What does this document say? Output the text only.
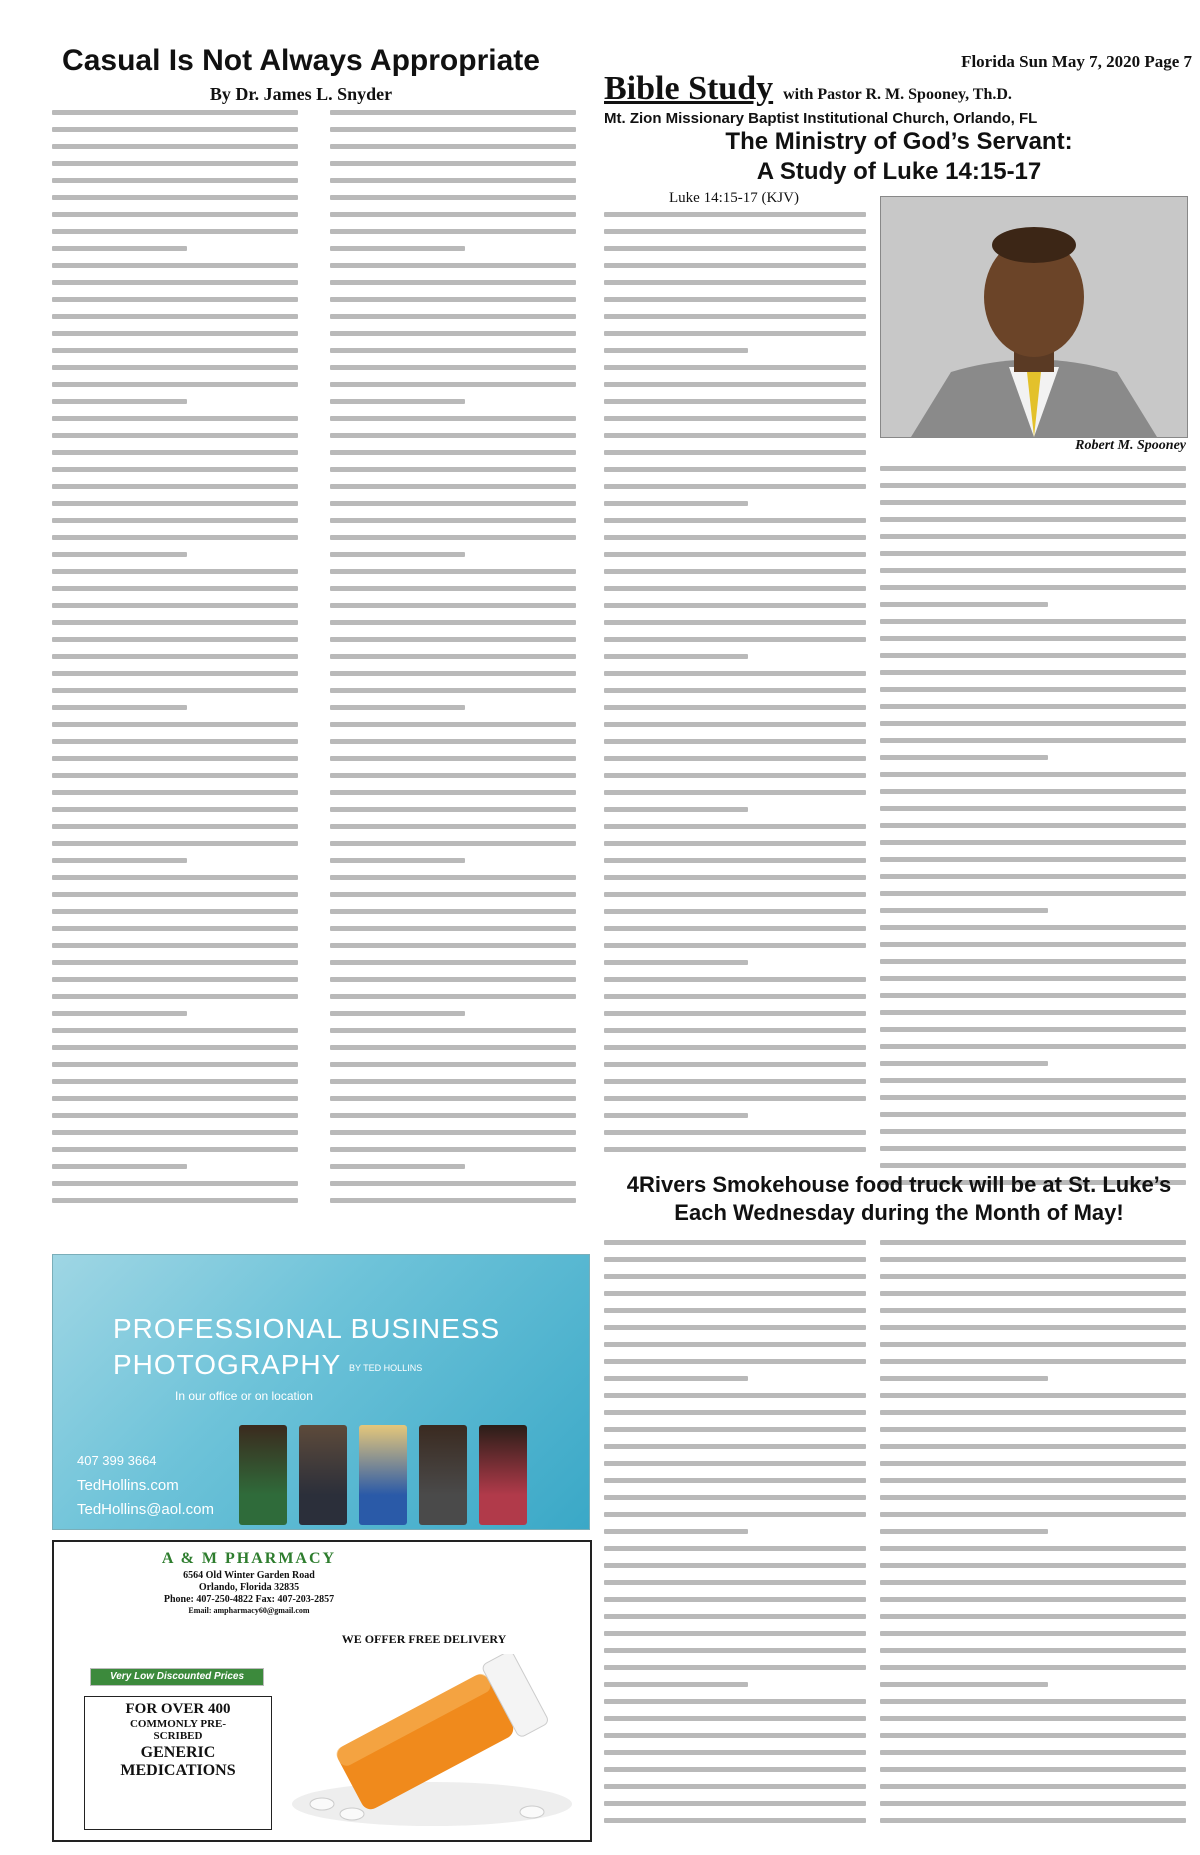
Florida Sun May 7, 2020 Page 7
Casual Is Not Always Appropriate
By Dr. James L. Snyder	Bible Study with Pastor R. M. Spooney, Th.D.
Mt. Zion Missionary Baptist Institutional Church, Orlando, FL
The Ministry of God’s Servant:
A Study of Luke 14:15-17
Luke 14:15-17 (KJV)
Robert M. Spooney
4Rivers Smokehouse food truck will be at St. Luke’s
Each Wednesday during the Month of May!
PROFESSIONAL BUSINESS
PHOTOGRAPHY BY TED HOLLINS
In our office or on location
407 399 3664
TedHollins.com
TedHollins@aol.com
A & M PHARMACY
6564 Old Winter Garden Road
Orlando, Florida 32835
Phone: 407-250-4822 Fax: 407-203-2857
Email: ampharmacy60@gmail.com
WE OFFER FREE DELIVERY
Very Low Discounted Prices
FOR OVER 400
COMMONLY PRE-
SCRIBED
GENERIC
MEDICATIONS
